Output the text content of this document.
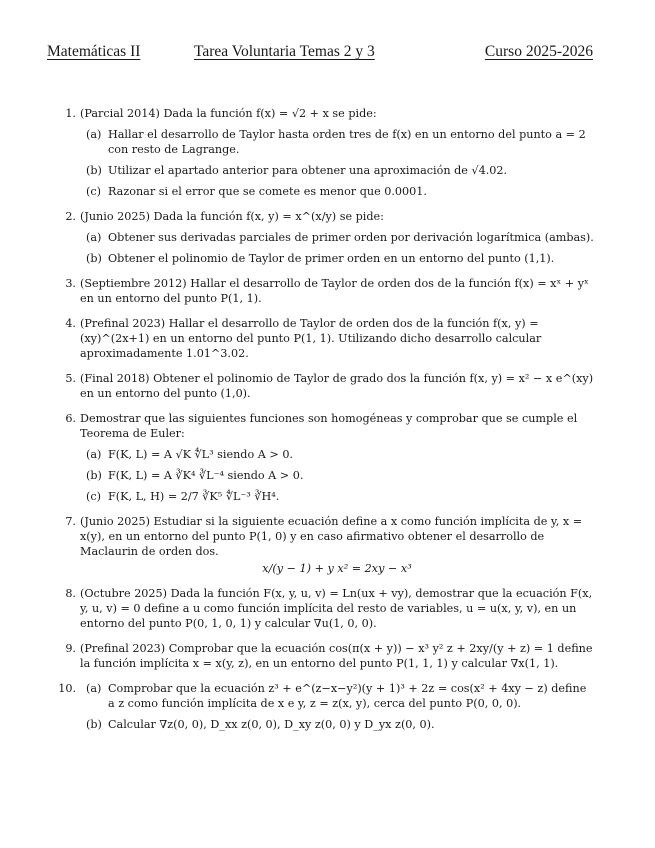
Matemáticas II	Tarea Voluntaria Temas 2 y 3	Curso 2025-2026
1. (Parcial 2014) Dada la función f(x) = √2 + x se pide:
(a) Hallar el desarrollo de Taylor hasta orden tres de f(x) en un entorno del punto a = 2 con resto de Lagrange.
(b) Utilizar el apartado anterior para obtener una aproximación de √4.02.
(c) Razonar si el error que se comete es menor que 0.0001.
2. (Junio 2025) Dada la función f(x, y) = x^(x/y) se pide:
(a) Obtener sus derivadas parciales de primer orden por derivación logarítmica (ambas).
(b) Obtener el polinomio de Taylor de primer orden en un entorno del punto (1,1).
3. (Septiembre 2012) Hallar el desarrollo de Taylor de orden dos de la función f(x) = xˣ + yˣ en un entorno del punto P(1, 1).
4. (Prefinal 2023) Hallar el desarrollo de Taylor de orden dos de la función f(x, y) = (xy)^(2x+1) en un entorno del punto P(1, 1). Utilizando dicho desarrollo calcular aproximadamente 1.01^3.02.
5. (Final 2018) Obtener el polinomio de Taylor de grado dos la función f(x, y) = x² − x e^(xy) en un entorno del punto (1,0).
6. Demostrar que las siguientes funciones son homogéneas y comprobar que se cumple el Teorema de Euler:
(a) F(K, L) = A √K ∜L³ siendo A > 0.
(b) F(K, L) = A ∛K⁴ ∛L⁻⁴ siendo A > 0.
(c) F(K, L, H) = 2/7 ∛K⁵ ∜L⁻³ ∛H⁴.
7. (Junio 2025) Estudiar si la siguiente ecuación define a x como función implícita de y, x = x(y), en un entorno del punto P(1, 0) y en caso afirmativo obtener el desarrollo de Maclaurin de orden dos.
x/(y − 1) + y x² = 2xy − x³
8. (Octubre 2025) Dada la función F(x, y, u, v) = Ln(ux + vy), demostrar que la ecuación F(x, y, u, v) = 0 define a u como función implícita del resto de variables, u = u(x, y, v), en un entorno del punto P(0, 1, 0, 1) y calcular ∇u(1, 0, 0).
9. (Prefinal 2023) Comprobar que la ecuación cos(π(x + y)) − x³ y² z + 2xy/(y + z) = 1 define la función implícita x = x(y, z), en un entorno del punto P(1, 1, 1) y calcular ∇x(1, 1).
10. (a) Comprobar que la ecuación z³ + e^(z−x−y²)(y + 1)³ + 2z = cos(x² + 4xy − z) define a z como función implícita de x e y, z = z(x, y), cerca del punto P(0, 0, 0).
(b) Calcular ∇z(0, 0), D_xx z(0, 0), D_xy z(0, 0) y D_yx z(0, 0).
